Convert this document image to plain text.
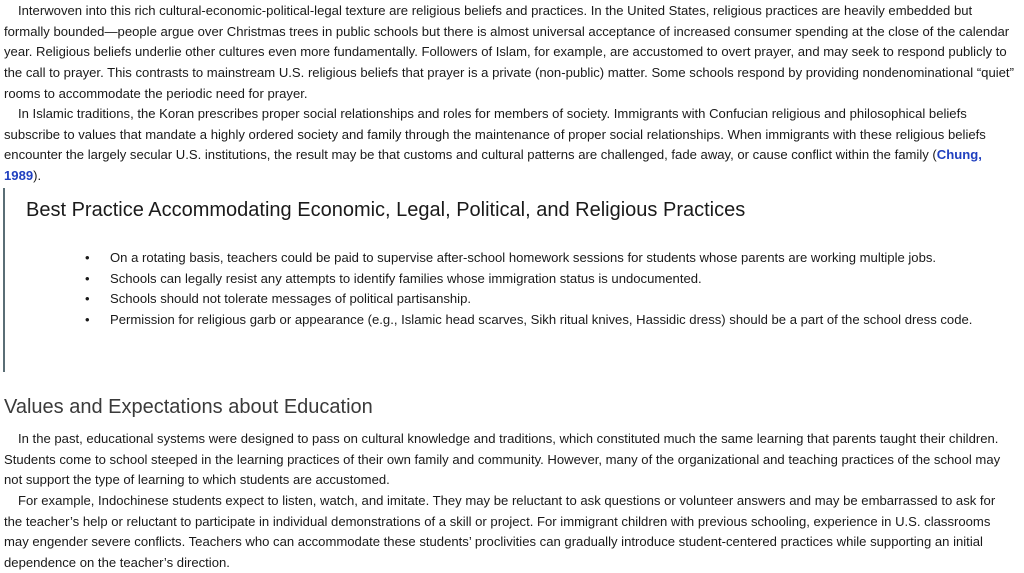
Interwoven into this rich cultural-economic-political-legal texture are religious beliefs and practices. In the United States, religious practices are heavily embedded but formally bounded—people argue over Christmas trees in public schools but there is almost universal acceptance of increased consumer spending at the close of the calendar year. Religious beliefs underlie other cultures even more fundamentally. Followers of Islam, for example, are accustomed to overt prayer, and may seek to respond publicly to the call to prayer. This contrasts to mainstream U.S. religious beliefs that prayer is a private (non-public) matter. Some schools respond by providing nondenominational “quiet” rooms to accommodate the periodic need for prayer.

In Islamic traditions, the Koran prescribes proper social relationships and roles for members of society. Immigrants with Confucian religious and philosophical beliefs subscribe to values that mandate a highly ordered society and family through the maintenance of proper social relationships. When immigrants with these religious beliefs encounter the largely secular U.S. institutions, the result may be that customs and cultural patterns are challenged, fade away, or cause conflict within the family (Chung, 1989).

Best Practice Accommodating Economic, Legal, Political, and Religious Practices
•	On a rotating basis, teachers could be paid to supervise after-school homework sessions for students whose parents are working multiple jobs.
•	Schools can legally resist any attempts to identify families whose immigration status is undocumented.
•	Schools should not tolerate messages of political partisanship.
•	Permission for religious garb or appearance (e.g., Islamic head scarves, Sikh ritual knives, Hassidic dress) should be a part of the school dress code.
Values and Expectations about Education

In the past, educational systems were designed to pass on cultural knowledge and traditions, which constituted much the same learning that parents taught their children. Students come to school steeped in the learning practices of their own family and community. However, many of the organizational and teaching practices of the school may not support the type of learning to which students are accustomed.

For example, Indochinese students expect to listen, watch, and imitate. They may be reluctant to ask questions or volunteer answers and may be embarrassed to ask for the teacher’s help or reluctant to participate in individual demonstrations of a skill or project. For immigrant children with previous schooling, experience in U.S. classrooms may engender severe conflicts. Teachers who can accommodate these students’ proclivities can gradually introduce student-centered practices while supporting an initial dependence on the teacher’s direction.
